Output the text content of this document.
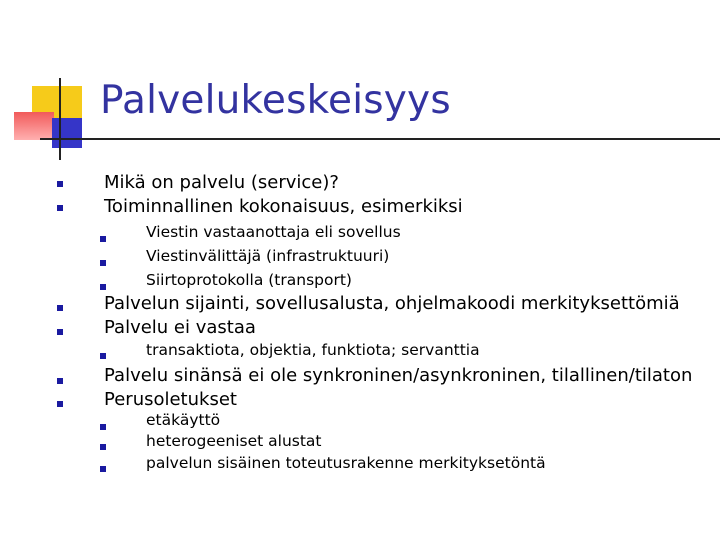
Palvelukeskeisyys
Mikä on palvelu (service)?
Toiminnallinen kokonaisuus, esimerkiksi
Viestin vastaanottaja eli sovellus
Viestinvälittäjä (infrastruktuuri)
Siirtoprotokolla (transport)
Palvelun sijainti, sovellusalusta, ohjelmakoodi merkityksettömiä
Palvelu ei vastaa
transaktiota, objektia, funktiota; servanttia
Palvelu sinänsä ei ole synkroninen/asynkroninen, tilallinen/tilaton
Perusoletukset
etäkäyttö
heterogeeniset alustat
palvelun sisäinen toteutusrakenne merkityksetöntä
